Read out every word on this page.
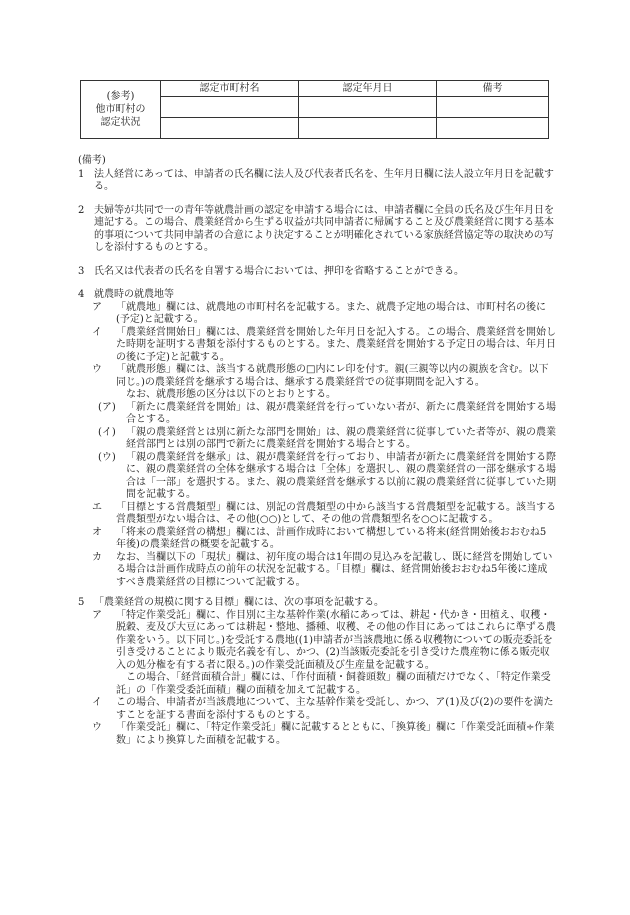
(参考)
他市町村の
認定状況	認定市町村名	認定年月日	備考

(備考)

1 法人経営にあっては、申請者の氏名欄に法人及び代表者氏名を、生年月日欄に法人設立年月日を記載する。
2 夫婦等が共同で一の青年等就農計画の認定を申請する場合には、申請者欄に全員の氏名及び生年月日を連記する。この場合、農業経営から生ずる収益が共同申請者に帰属すること及び農業経営に関する基本的事項について共同申請者の合意により決定することが明確化されている家族経営協定等の取決めの写しを添付するものとする。
3 氏名又は代表者の氏名を自署する場合においては、押印を省略することができる。
4 就農時の就農地等
ア 「就農地」欄には、就農地の市町村名を記載する。また、就農予定地の場合は、市町村名の後に(予定)と記載する。
イ 「農業経営開始日」欄には、農業経営を開始した年月日を記入する。この場合、農業経営を開始した時期を証明する書類を添付するものとする。また、農業経営を開始する予定日の場合は、年月日の後に予定)と記載する。
ウ 「就農形態」欄には、該当する就農形態の□内にレ印を付す。親(三親等以内の親族を含む。以下同じ。)の農業経営を継承する場合は、継承する農業経営での従事期間を記入する。

なお、就農形態の区分は以下のとおりとする。

(ア) 「新たに農業経営を開始」は、親が農業経営を行っていない者が、新たに農業経営を開始する場合とする。
(イ) 「親の農業経営とは別に新たな部門を開始」は、親の農業経営に従事していた者等が、親の農業経営部門とは別の部門で新たに農業経営を開始する場合とする。
(ウ) 「親の農業経営を継承」は、親が農業経営を行っており、申請者が新たに農業経営を開始する際に、親の農業経営の全体を継承する場合は「全体」を選択し、親の農業経営の一部を継承する場合は「一部」を選択する。また、親の農業経営を継承する以前に親の農業経営に従事していた期間を記載する。
エ 「目標とする営農類型」欄には、別記の営農類型の中から該当する営農類型を記載する。該当する営農類型がない場合は、その他(○○)として、その他の営農類型名を○○に記載する。
オ 「将来の農業経営の構想」欄には、計画作成時において構想している将来(経営開始後おおむね5年後)の農業経営の概要を記載する。
カ なお、当欄以下の「現状」欄は、初年度の場合は1年間の見込みを記載し、既に経営を開始している場合は計画作成時点の前年の状況を記載する。「目標」欄は、経営開始後おおむね5年後に達成すべき農業経営の目標について記載する。
5 「農業経営の規模に関する目標」欄には、次の事項を記載する。
ア 「特定作業受託」欄に、作目別に主な基幹作業(水稲にあっては、耕起・代かき・田植え、収穫・脱穀、麦及び大豆にあっては耕起・整地、播種、収穫、その他の作目にあってはこれらに準ずる農作業をいう。以下同じ。)を受託する農地((1)申請者が当該農地に係る収穫物についての販売委託を引き受けることにより販売名義を有し、かつ、(2)当該販売委託を引き受けた農産物に係る販売収入の処分権を有する者に限る。)の作業受託面積及び生産量を記載する。

この場合、「経営面積合計」欄には、「作付面積・飼養頭数」欄の面積だけでなく、「特定作業受託」の「作業受委託面積」欄の面積を加えて記載する。

イ この場合、申請者が当該農地について、主な基幹作業を受託し、かつ、ア(1)及び(2)の要件を満たすことを証する書面を添付するものとする。
ウ 「作業受託」欄に、「特定作業受託」欄に記載するとともに、「換算後」欄に「作業受託面積÷作業数」により換算した面積を記載する。
